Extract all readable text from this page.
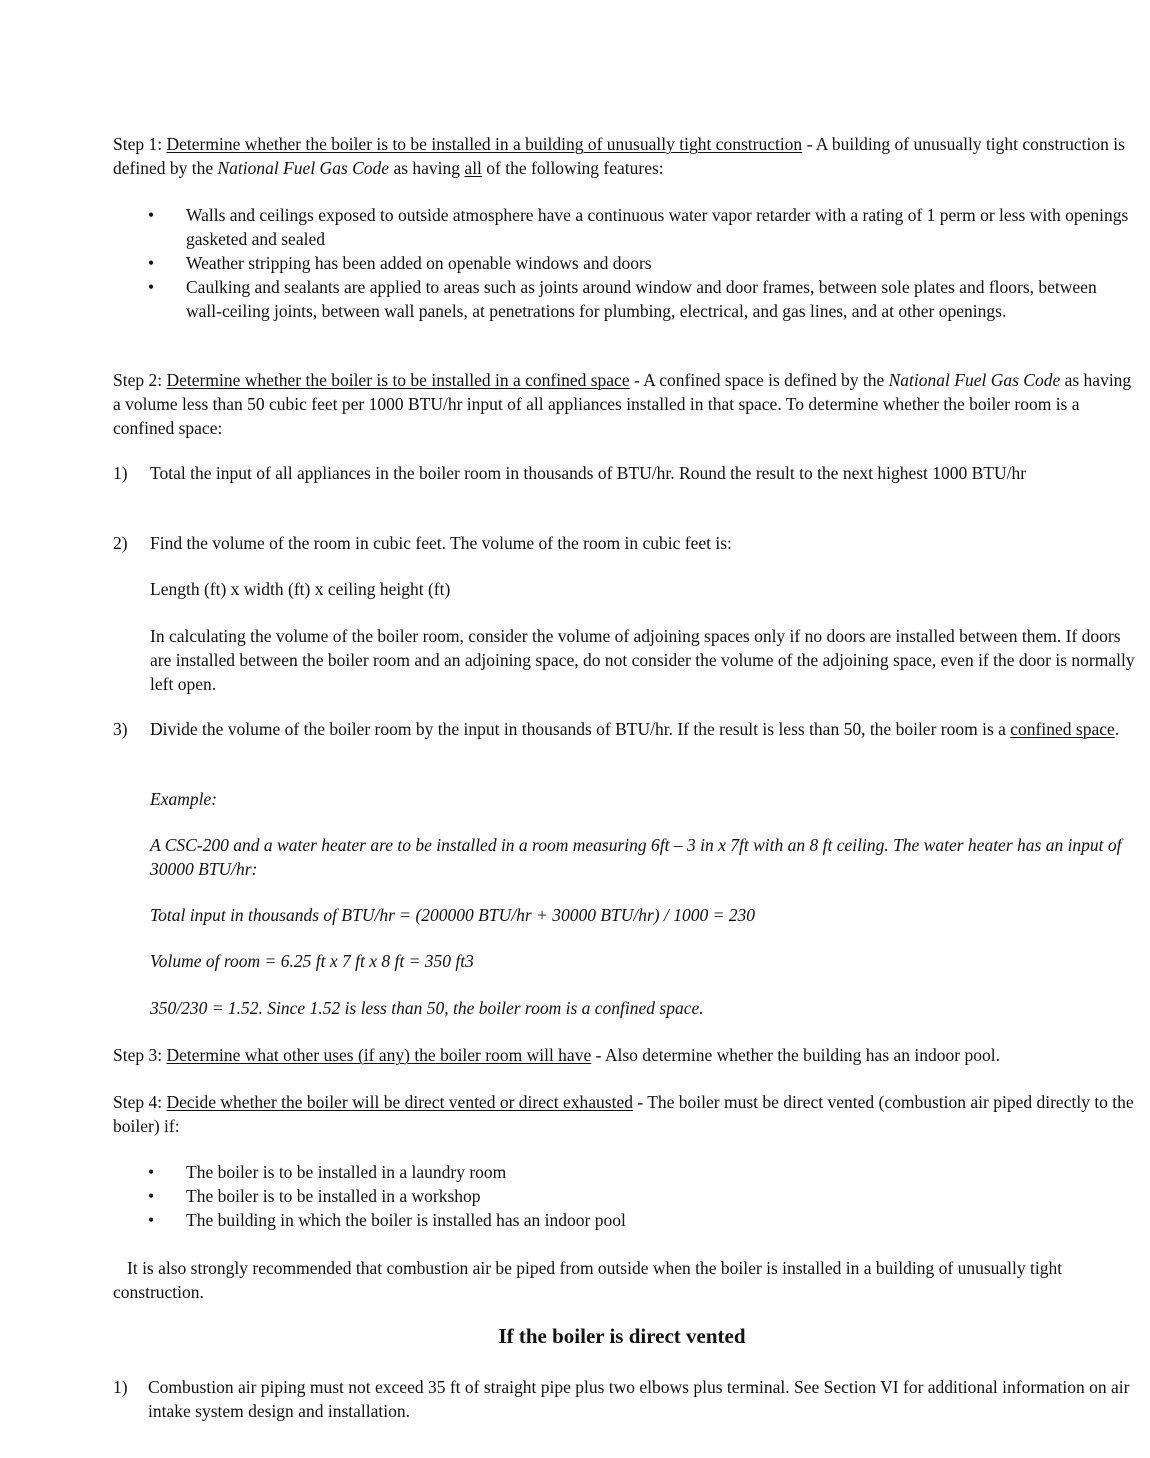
Step 1: Determine whether the boiler is to be installed in a building of unusually tight construction - A building of unusually tight construction is defined by the National Fuel Gas Code as having all of the following features:

• Walls and ceilings exposed to outside atmosphere have a continuous water vapor retarder with a rating of 1 perm or less with openings gasketed and sealed
• Weather stripping has been added on openable windows and doors
• Caulking and sealants are applied to areas such as joints around window and door frames, between sole plates and floors, between wall-ceiling joints, between wall panels, at penetrations for plumbing, electrical, and gas lines, and at other openings.

Step 2: Determine whether the boiler is to be installed in a confined space - A confined space is defined by the National Fuel Gas Code as having a volume less than 50 cubic feet per 1000 BTU/hr input of all appliances installed in that space. To determine whether the boiler room is a confined space:

1) Total the input of all appliances in the boiler room in thousands of BTU/hr. Round the result to the next highest 1000 BTU/hr

2) Find the volume of the room in cubic feet. The volume of the room in cubic feet is:

Length (ft) x width (ft) x ceiling height (ft)

In calculating the volume of the boiler room, consider the volume of adjoining spaces only if no doors are installed between them. If doors are installed between the boiler room and an adjoining space, do not consider the volume of the adjoining space, even if the door is normally left open.

3) Divide the volume of the boiler room by the input in thousands of BTU/hr. If the result is less than 50, the boiler room is a confined space.

Example:

A CSC-200 and a water heater are to be installed in a room measuring 6ft – 3 in x 7ft with an 8 ft ceiling. The water heater has an input of 30000 BTU/hr:

Total input in thousands of BTU/hr = (200000 BTU/hr + 30000 BTU/hr) / 1000 = 230

Volume of room = 6.25 ft x 7 ft x 8 ft = 350 ft3

350/230 = 1.52. Since 1.52 is less than 50, the boiler room is a confined space.

Step 3: Determine what other uses (if any) the boiler room will have - Also determine whether the building has an indoor pool.

Step 4: Decide whether the boiler will be direct vented or direct exhausted - The boiler must be direct vented (combustion air piped directly to the boiler) if:

• The boiler is to be installed in a laundry room
• The boiler is to be installed in a workshop
• The building in which the boiler is installed has an indoor pool

It is also strongly recommended that combustion air be piped from outside when the boiler is installed in a building of unusually tight construction.

If the boiler is direct vented

1) Combustion air piping must not exceed 35 ft of straight pipe plus two elbows plus terminal. See Section VI for additional information on air intake system design and installation.
